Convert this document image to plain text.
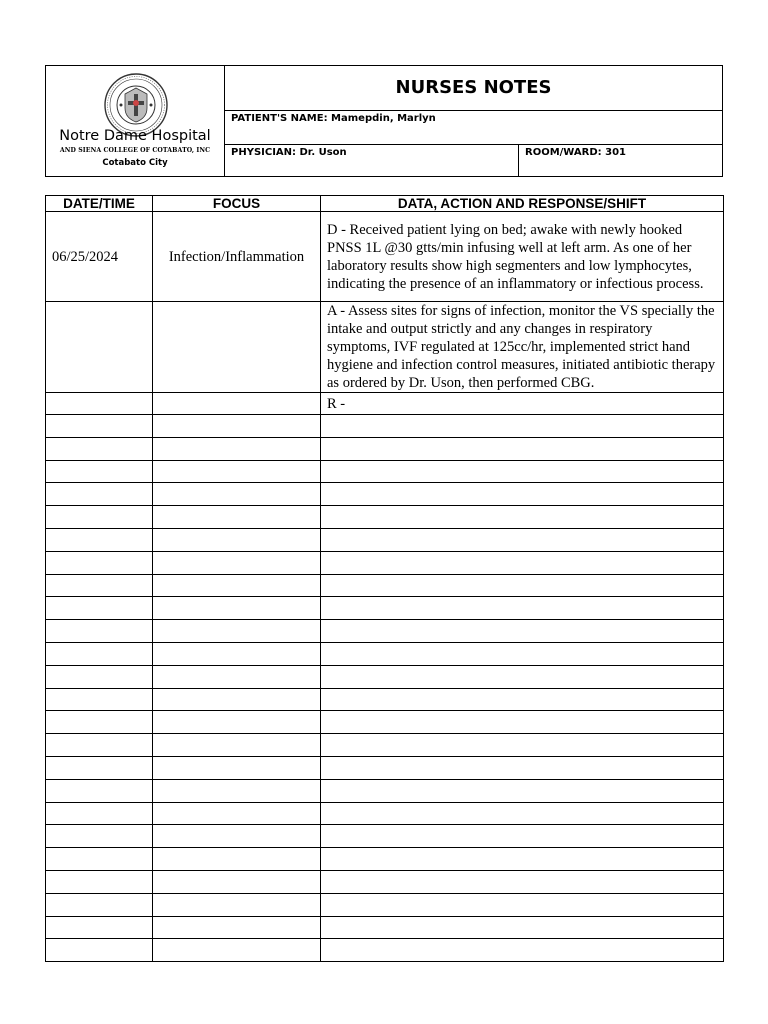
Notre Dame Hospital
AND SIENA COLLEGE OF COTABATO, INC
Cotabato City
NURSES NOTES
PATIENT'S NAME: Mamepdin, Marlyn
PHYSICIAN: Dr. Uson	ROOM/WARD: 301
DATE/TIME	FOCUS	DATA, ACTION AND RESPONSE/SHIFT
06/25/2024	Infection/Inflammation	D - Received patient lying on bed; awake with newly hooked PNSS 1L @30 gtts/min infusing well at left arm. As one of her laboratory results show high segmenters and low lymphocytes, indicating the presence of an inflammatory or infectious process.
		A - Assess sites for signs of infection, monitor the VS specially the intake and output strictly and any changes in respiratory symptoms, IVF regulated at 125cc/hr, implemented strict hand hygiene and infection control measures, initiated antibiotic therapy as ordered by Dr. Uson, then performed CBG.
		R -
